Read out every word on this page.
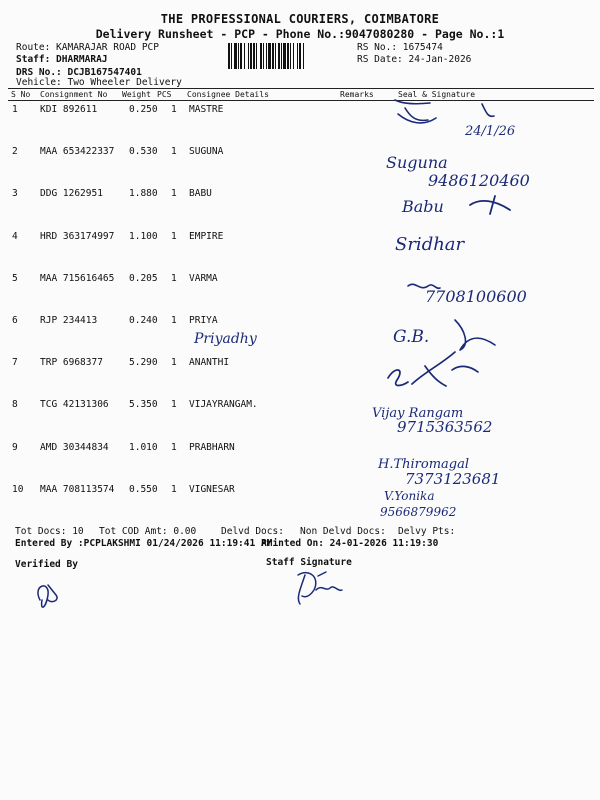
THE PROFESSIONAL COURIERS, COIMBATORE
Delivery Runsheet - PCP - Phone No.:9047080280 - Page No.:1
Route: KAMARAJAR ROAD PCP
Staff: DHARMARAJ
DRS No.: DCJB167547401
Vehicle: Two Wheeler Delivery
RS No.: 1675474
RS Date: 24-Jan-2026
S No Consignment No Weight PCS Consignee Details	Remarks	Seal & Signature
1 KDI 892611	0.250 1 MASTRE
2 MAA 653422337 0.530 1 SUGUNA
3 DDG 1262951	1.880 1 BABU
4 HRD 363174997 1.100 1 EMPIRE
5 MAA 715616465 0.205 1 VARMA
6 RJP 234413	0.240 1 PRIYA
7 TRP 6968377	5.290 1 ANANTHI
8 TCG 42131306 5.350 1 VIJAYRANGAM.
9 AMD 30344834 1.010 1 PRABHARN
10 MAA 708113574 0.550 1 VIGNESAR
24/1/26
Suguna
9486120460
Babu
Sridhar
7708100600
Priyadhy	G.B.
Vijay Rangam
9715363562
H.Thiromagal
7373123681
V.Yonika
9566879962
Tot Docs: 10 Tot COD Amt: 0.00	Delvd Docs: Non Delvd Docs: Delvy Pts:
Entered By :PCPLAKSHMI 01/24/2026 11:19:41 AM
Printed On: 24-01-2026 11:19:30
Verified By	Staff Signature
